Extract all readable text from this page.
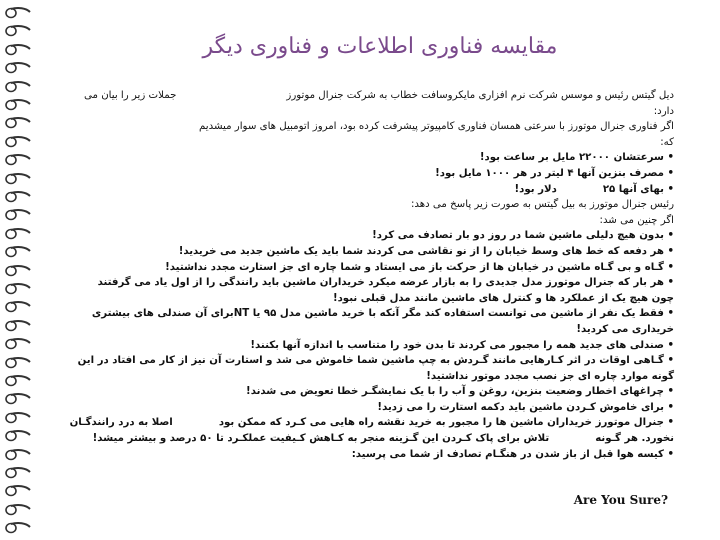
مقایسه فناوری اطلاعات و فناوری دیگر

دیل گیتس رئیس و موسس شرکت نرم افزاری مایکروسافت خطاب به شرکت جنرال موتورزجملات زیر را بیان می

دارد:

اگر فناوری جنرال موتورز با سرعتی همسان فناوری کامپیوتر پیشرفت کرده بود، امروز اتومبیل های سوار میشدیم

که:

• سرعتشان ۲۲۰۰۰ مایل بر ساعت بود!

• مصرف بنزین آنها ۴ لیتر در هر ۱۰۰۰ مایل بود!

• بهای آنها ۲۵دلار بود!

رئیس جنرال موتورز به بیل گیتس به صورت زیر پاسخ می دهد:

اگر چنین می شد:

• بدون هیچ دلیلی ماشین شما در روز دو بار تصادف می کرد!

• هر دفعه که خط های وسط خیابان را از نو نقاشی می کردند شما باید یک ماشین جدید می خریدید!

• گـاه و بی گـاه ماشین در خیابان ها از حرکت باز می ایستاد و شما چاره ای جز استارت مجدد نداشتید!

• هر بار که جنرال موتورز مدل جدیدی را به بازار عرضه میکرد خریداران ماشین باید رانندگی را از اول یاد می گرفتند

چون هیچ یک از عملکرد ها و کنترل های ماشین مانند مدل قبلی نبود!

• فقط یک نفر از ماشین می توانست استفاده کند مگر آنکه با خرید ماشین مدل ۹۵ یا NTبرای آن صندلی های بیشتری

خریداری می کردید!

• صندلی های جدید همه را مجبور می کردند تا بدن خود را متناسب با اندازه آنها بکنند!

• گـاهی اوقات در اثر کـارهایی مانند گـردش به چپ ماشین شما خاموش می شد و استارت آن نیز از کار می افتاد در این

گونه موارد چاره ای جز نصب مجدد موتور نداشتید!

• چراغهای اخطار وضعیت بنزین، روغن و آب را با یک نمایشگـر خطا تعویض می شدند!

• برای خاموش کـردن ماشین باید دکمه استارت را می زدید!

• جنرال موتورز خریداران ماشین ها را مجبور به خرید نقشه راه هایی می کـرد که ممکن بوداصلا به درد رانندگـان

نخورد. هر گـونهتلاش برای پاک کـردن این گـزینه منجر به کـاهش کـیفیت عملکـرد تا ۵۰ درصد و بیشتر میشد!

• کیسه هوا قبل از باز شدن در هنگـام تصادف از شما می پرسید:

Are You Sure?
